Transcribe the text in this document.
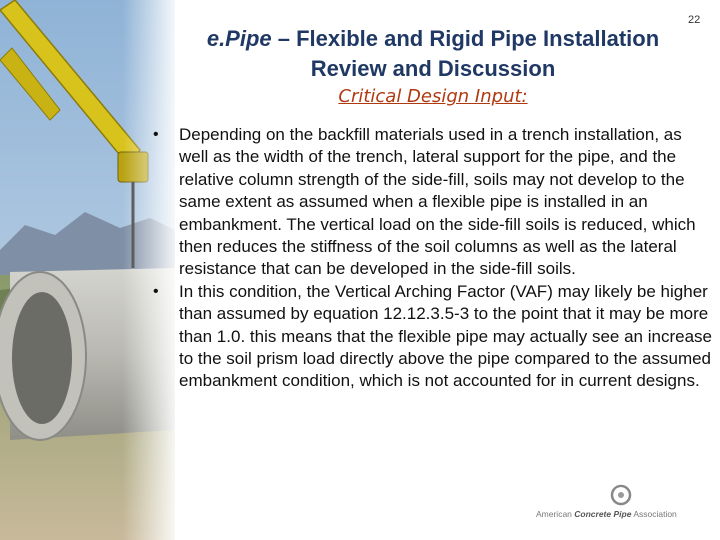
e.Pipe – Flexible and Rigid Pipe Installation
Review and Discussion
22
Critical Design Input:
• Depending on the backfill materials used in a trench installation, as well as the width of the trench, lateral support for the pipe, and the relative column strength of the side-fill, soils may not develop to the same extent as assumed when a flexible pipe is installed in an embankment. The vertical load on the side-fill soils is reduced, which then reduces the stiffness of the soil columns as well as the lateral resistance that can be developed in the side-fill soils.
• In this condition, the Vertical Arching Factor (VAF) may likely be higher than assumed by equation 12.12.3.5-3 to the point that it may be more than 1.0. this means that the flexible pipe may actually see an increase to the soil prism load directly above the pipe compared to the assumed embankment condition, which is not accounted for in current designs.
American Concrete Pipe Association
